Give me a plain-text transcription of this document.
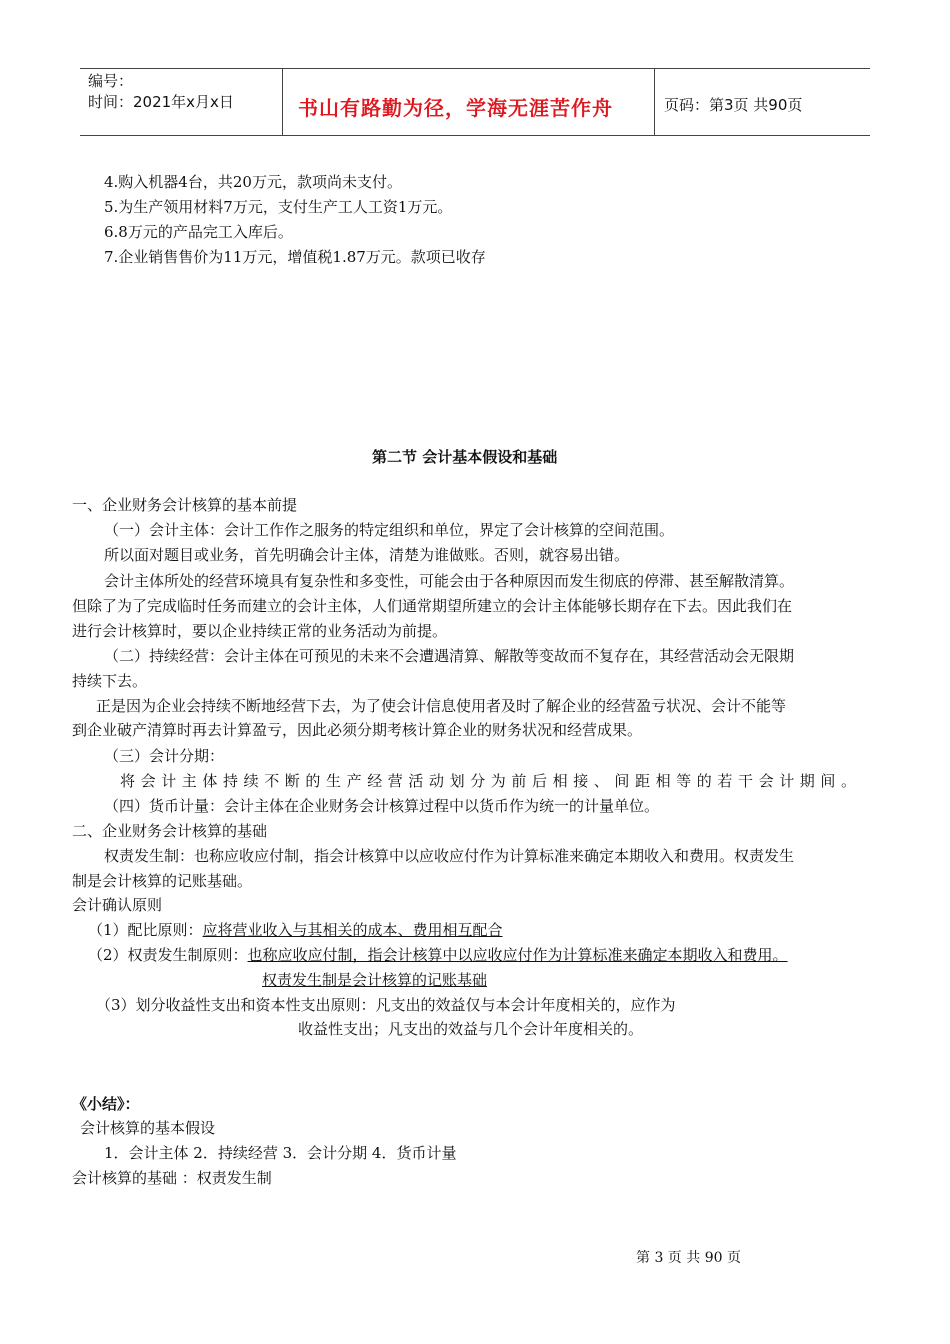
编号：
时间：2021年x月x日	书山有路勤为径，学海无涯苦作舟	页码：第3页 共90页
4.购入机器4台，共20万元，款项尚未支付。
5.为生产领用材料7万元，支付生产工人工资1万元。
6.8万元的产品完工入库后。
7.企业销售售价为11万元，增值税1.87万元。款项已收存
第二节 会计基本假设和基础
一、企业财务会计核算的基本前提
（一）会计主体：会计工作作之服务的特定组织和单位，界定了会计核算的空间范围。
所以面对题目或业务，首先明确会计主体，清楚为谁做账。否则，就容易出错。
会计主体所处的经营环境具有复杂性和多变性，可能会由于各种原因而发生彻底的停滞、甚至解散清算。
但除了为了完成临时任务而建立的会计主体，人们通常期望所建立的会计主体能够长期存在下去。因此我们在
进行会计核算时，要以企业持续正常的业务活动为前提。
（二）持续经营：会计主体在可预见的未来不会遭遇清算、解散等变故而不复存在，其经营活动会无限期
持续下去。
正是因为企业会持续不断地经营下去，为了使会计信息使用者及时了解企业的经营盈亏状况、会计不能等
到企业破产清算时再去计算盈亏，因此必须分期考核计算企业的财务状况和经营成果。
（三）会计分期：
将会计主体持续不断的生产经营活动划分为前后相接、间距相等的若干会计期间。
（四）货币计量：会计主体在企业财务会计核算过程中以货币作为统一的计量单位。
二、企业财务会计核算的基础
权责发生制：也称应收应付制，指会计核算中以应收应付作为计算标准来确定本期收入和费用。权责发生
制是会计核算的记账基础。
会计确认原则
（1）配比原则：应将营业收入与其相关的成本、费用相互配合
（2）权责发生制原则：也称应收应付制，指会计核算中以应收应付作为计算标准来确定本期收入和费用。
权责发生制是会计核算的记账基础
（3）划分收益性支出和资本性支出原则：凡支出的效益仅与本会计年度相关的，应作为
收益性支出；凡支出的效益与几个会计年度相关的。
《小结》：
会计核算的基本假设
1．会计主体 2．持续经营 3．会计分期 4．货币计量
会计核算的基础 ：权责发生制
第 3 页 共 90 页
